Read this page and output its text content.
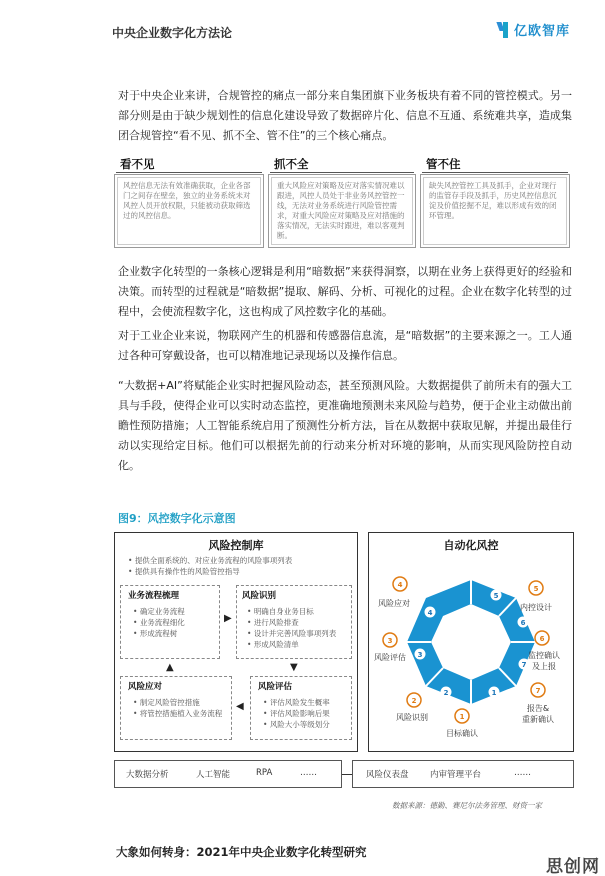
中央企业数字化方法论	亿欧智库
对于中央企业来讲，合规管控的痛点一部分来自集团旗下业务板块有着不同的管控模式。另一部分则是由于缺少规划性的信息化建设导致了数据碎片化、信息不互通、系统难共享，造成集团合规管控“看不见、抓不全、管不住”的三个核心痛点。
看不见
风控信息无法有效准确获取，企业各部门之间存在壁垒，独立的业务系统未对风控人员开放权限，只能被动获取筛选过的风控信息。
抓不全
重大风险应对策略及应对落实情况难以跟进，风控人员处于非业务风控管控一线，无法对业务系统进行风险管控需求，对重大风险应对策略及应对措施的落实情况，无法实时跟进，难以客观判断。
管不住
缺失风控管控工具及抓手，企业对现行的监管存手段及抓手，历史风控信息沉淀及价值挖掘不足，难以形成有效的闭环管理。
企业数字化转型的一条核心逻辑是利用“暗数据”来获得洞察，以期在业务上获得更好的经验和决策。而转型的过程就是“暗数据”提取、解码、分析、可视化的过程。企业在数字化转型的过程中，会使流程数字化，这也构成了风控数字化的基础。
对于工业企业来说，物联网产生的机器和传感器信息流，是“暗数据”的主要来源之一。工人通过各种可穿戴设备，也可以精准地记录现场以及操作信息。
“大数据+AI”将赋能企业实时把握风险动态，甚至预测风险。大数据提供了前所未有的强大工具与手段，使得企业可以实时动态监控，更准确地预测未来风险与趋势，便于企业主动做出前瞻性预防措施；人工智能系统启用了预测性分析方法，旨在从数据中获取见解，并提出最佳行动以实现给定目标。他们可以根据先前的行动来分析对环境的影响，从而实现风险防控自动化。
图9：风控数字化示意图
风险控制库
• 提供全面系统的、对应业务流程的风险事项列表
• 提供具有操作性的风险管控指导
业务流程梳理
• 确定业务流程
• 业务流程细化
• 形成流程树
▶
风险识别
• 明确自身业务目标
• 进行风险排查
• 设计并完善风险事项列表
• 形成风险清单
▲	▼
风险应对
• 制定风险管控措施
• 将管控措施植入业务流程
◀
风险评估
• 评估风险发生概率
• 评估风险影响后果
• 风险大小等级划分
大数据分析	人工智能	RPA	……
自动化风控
5
6
7
1
2
3
4
4
风险应对
5
内控设计
6
监控确认
及上报
7
报告&
重新确认
1
目标确认
2
风险识别
3
风险评估
风险仪表盘	内审管理平台	……
数据来源：德勤、赛尼尔法务管理、财资一家
大象如何转身：2021年中央企业数字化转型研究
思创网
